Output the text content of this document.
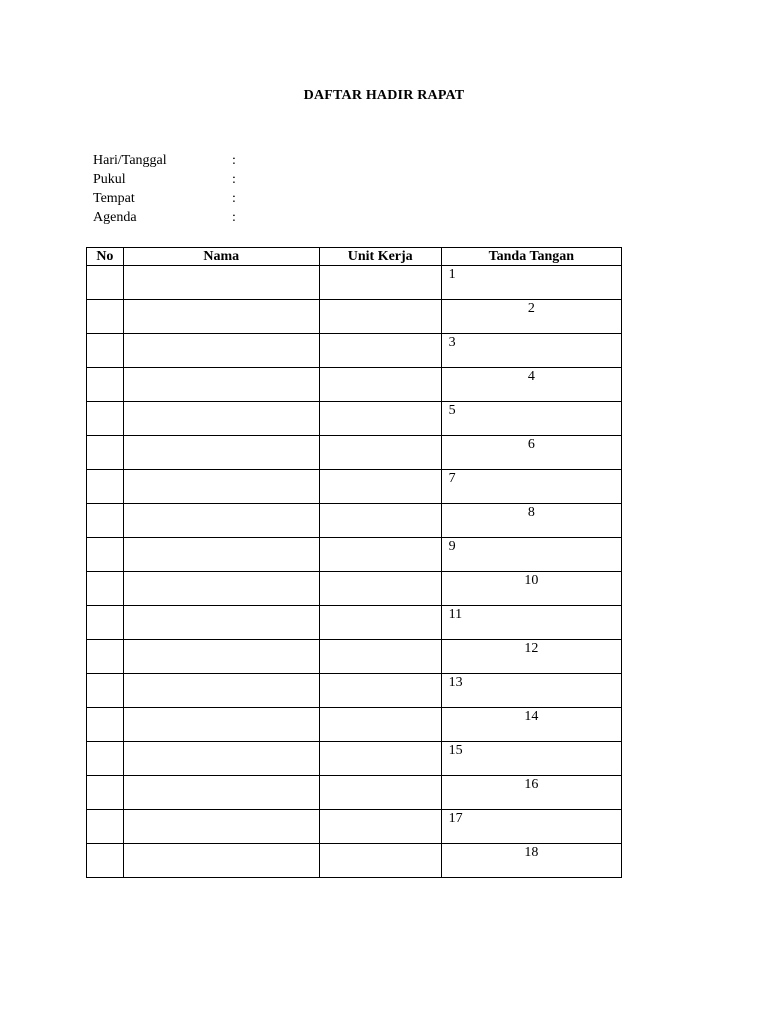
DAFTAR HADIR RAPAT
Hari/Tanggal	:
Pukul	:
Tempat	:
Agenda	:
No	Nama	Unit Kerja	Tanda Tangan

			1

			2

			3

			4

			5

			6

			7

			8

			9

			10

			11

			12

			13

			14

			15

			16

			17

			18
